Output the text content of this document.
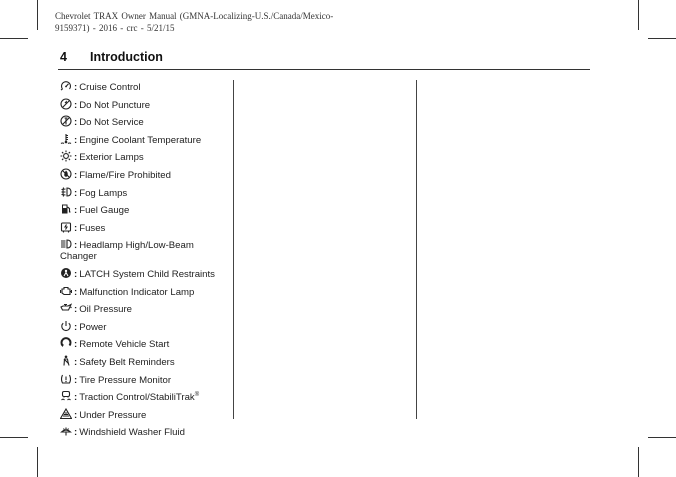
Chevrolet TRAX Owner Manual (GMNA-Localizing-U.S./Canada/Mexico-
9159371) - 2016 - crc - 5/21/15
4 Introduction
: Cruise Control
: Do Not Puncture
: Do Not Service
: Engine Coolant Temperature
: Exterior Lamps
: Flame/Fire Prohibited
: Fog Lamps
: Fuel Gauge
: Fuses
: Headlamp High/Low-Beam Changer
: LATCH System Child Restraints
: Malfunction Indicator Lamp
: Oil Pressure
: Power
: Remote Vehicle Start
: Safety Belt Reminders
: Tire Pressure Monitor
: Traction Control/StabiliTrak®
: Under Pressure
: Windshield Washer Fluid
